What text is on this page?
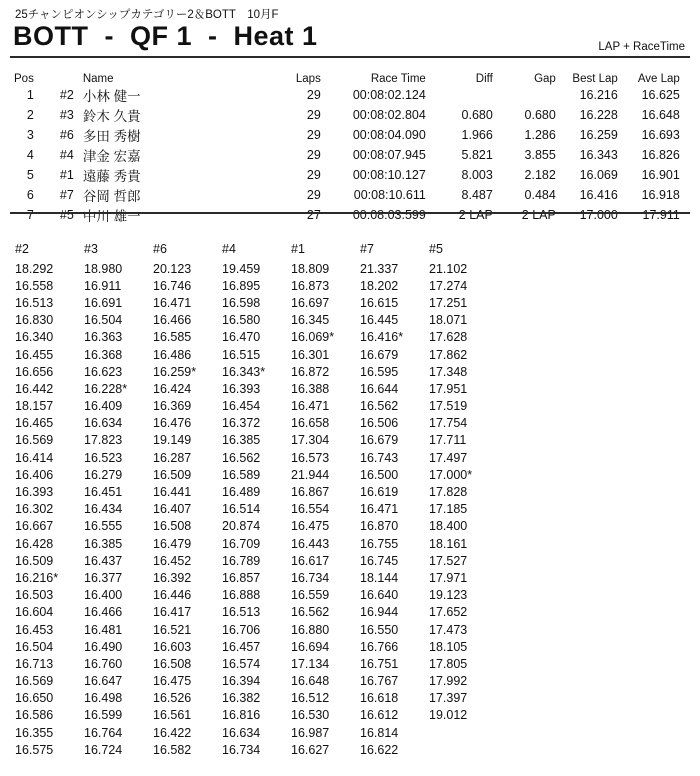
25チャンピオンシップカテゴリー2＆BOTT　10月F
BOTT  -  QF 1  -  Heat 1	LAP + RaceTime
Pos		Name	Laps	Race Time	Diff	Gap	Best Lap	Ave Lap
1	#2	小林 健一	29	00:08:02.124			16.216	16.625
2	#3	鈴木 久貴	29	00:08:02.804	0.680	0.680	16.228	16.648
3	#6	多田 秀樹	29	00:08:04.090	1.966	1.286	16.259	16.693
4	#4	津金 宏嘉	29	00:08:07.945	5.821	3.855	16.343	16.826
5	#1	遠藤 秀貴	29	00:08:10.127	8.003	2.182	16.069	16.901
6	#7	谷岡 哲郎	29	00:08:10.611	8.487	0.484	16.416	16.918
7	#5	中川 雄一	27	00:08:03.599	2 LAP	2 LAP	17.000	17.911
#2	#3	#6	#4	#1	#7	#5
18.292	18.980	20.123	19.459	18.809	21.337	21.102
16.558	16.911	16.746	16.895	16.873	18.202	17.274
16.513	16.691	16.471	16.598	16.697	16.615	17.251
16.830	16.504	16.466	16.580	16.345	16.445	18.071
16.340	16.363	16.585	16.470	16.069*	16.416*	17.628
16.455	16.368	16.486	16.515	16.301	16.679	17.862
16.656	16.623	16.259*	16.343*	16.872	16.595	17.348
16.442	16.228*	16.424	16.393	16.388	16.644	17.951
18.157	16.409	16.369	16.454	16.471	16.562	17.519
16.465	16.634	16.476	16.372	16.658	16.506	17.754
16.569	17.823	19.149	16.385	17.304	16.679	17.711
16.414	16.523	16.287	16.562	16.573	16.743	17.497
16.406	16.279	16.509	16.589	21.944	16.500	17.000*
16.393	16.451	16.441	16.489	16.867	16.619	17.828
16.302	16.434	16.407	16.514	16.554	16.471	17.185
16.667	16.555	16.508	20.874	16.475	16.870	18.400
16.428	16.385	16.479	16.709	16.443	16.755	18.161
16.509	16.437	16.452	16.789	16.617	16.745	17.527
16.216*	16.377	16.392	16.857	16.734	18.144	17.971
16.503	16.400	16.446	16.888	16.559	16.640	19.123
16.604	16.466	16.417	16.513	16.562	16.944	17.652
16.453	16.481	16.521	16.706	16.880	16.550	17.473
16.504	16.490	16.603	16.457	16.694	16.766	18.105
16.713	16.760	16.508	16.574	17.134	16.751	17.805
16.569	16.647	16.475	16.394	16.648	16.767	17.992
16.650	16.498	16.526	16.382	16.512	16.618	17.397
16.586	16.599	16.561	16.816	16.530	16.612	19.012
16.355	16.764	16.422	16.634	16.987	16.814	
16.575	16.724	16.582	16.734	16.627	16.622	
